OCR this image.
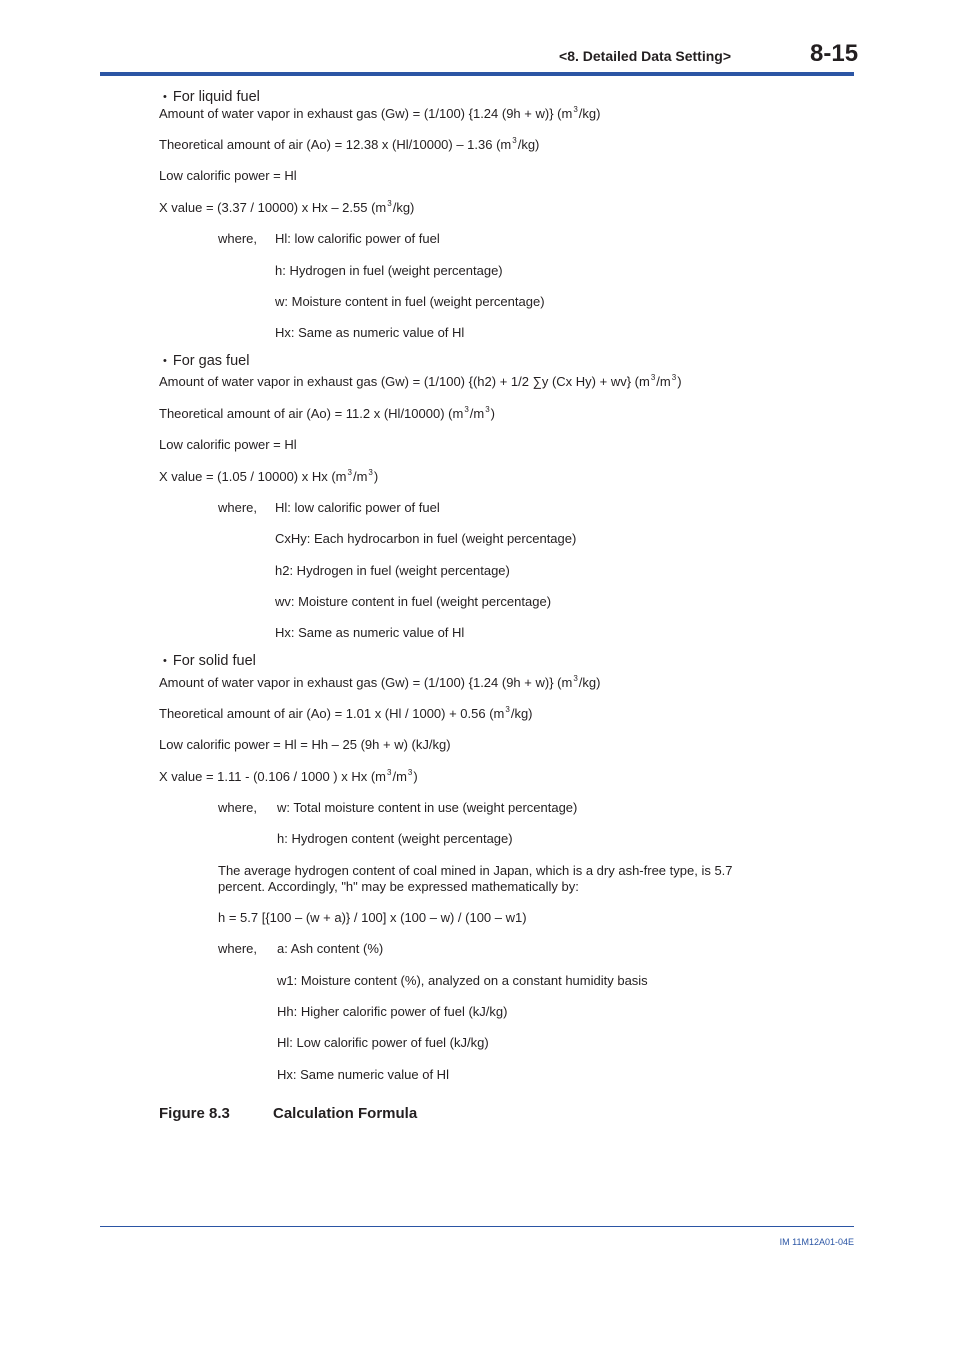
<8. Detailed Data Setting>	8-15
• For liquid fuel
Amount of water vapor in exhaust gas (Gw) = (1/100) {1.24 (9h + w)} $(m^3/kg)$
Theoretical amount of air (Ao) = 12.38 x (Hl/10000) – 1.36 $(m^3/kg)$
Low calorific power = Hl
X value = (3.37 / 10000) x Hx – 2.55 $(m^3/kg)$
where, Hl: low calorific power of fuel
h: Hydrogen in fuel (weight percentage)
w: Moisture content in fuel (weight percentage)
Hx: Same as numeric value of Hl
• For gas fuel
Amount of water vapor in exhaust gas (Gw) = (1/100) {(h2) + 1/2 ∑y (Cx Hy) + wv} $(m^3/m^3)$
Theoretical amount of air (Ao) = 11.2 x (Hl/10000) $(m^3/m^3)$
Low calorific power = Hl
X value = (1.05 / 10000) x Hx $(m^3/m^3)$
where, Hl: low calorific power of fuel
CxHy: Each hydrocarbon in fuel (weight percentage)
h2: Hydrogen in fuel (weight percentage)
wv: Moisture content in fuel (weight percentage)
Hx: Same as numeric value of Hl
• For solid fuel
Amount of water vapor in exhaust gas (Gw) = (1/100) {1.24 (9h + w)} $(m^3/kg)$
Theoretical amount of air (Ao) = 1.01 x (Hl / 1000) + 0.56 $(m^3/kg)$
Low calorific power = Hl = Hh – 25 (9h + w) (kJ/kg)
X value = 1.11 - (0.106 / 1000 ) x Hx $(m^3/m^3)$
where, w: Total moisture content in use (weight percentage)
h: Hydrogen content (weight percentage)
The average hydrogen content of coal mined in Japan, which is a dry ash-free type, is 5.7 percent. Accordingly, "h" may be expressed mathematically by:
h = 5.7 [{100 – (w + a)} / 100] x (100 – w) / (100 – w1)
where, a: Ash content (%)
w1: Moisture content (%), analyzed on a constant humidity basis
Hh: Higher calorific power of fuel (kJ/kg)
Hl: Low calorific power of fuel (kJ/kg)
Hx: Same numeric value of Hl
Figure 8.3	Calculation Formula
IM 11M12A01-04E
